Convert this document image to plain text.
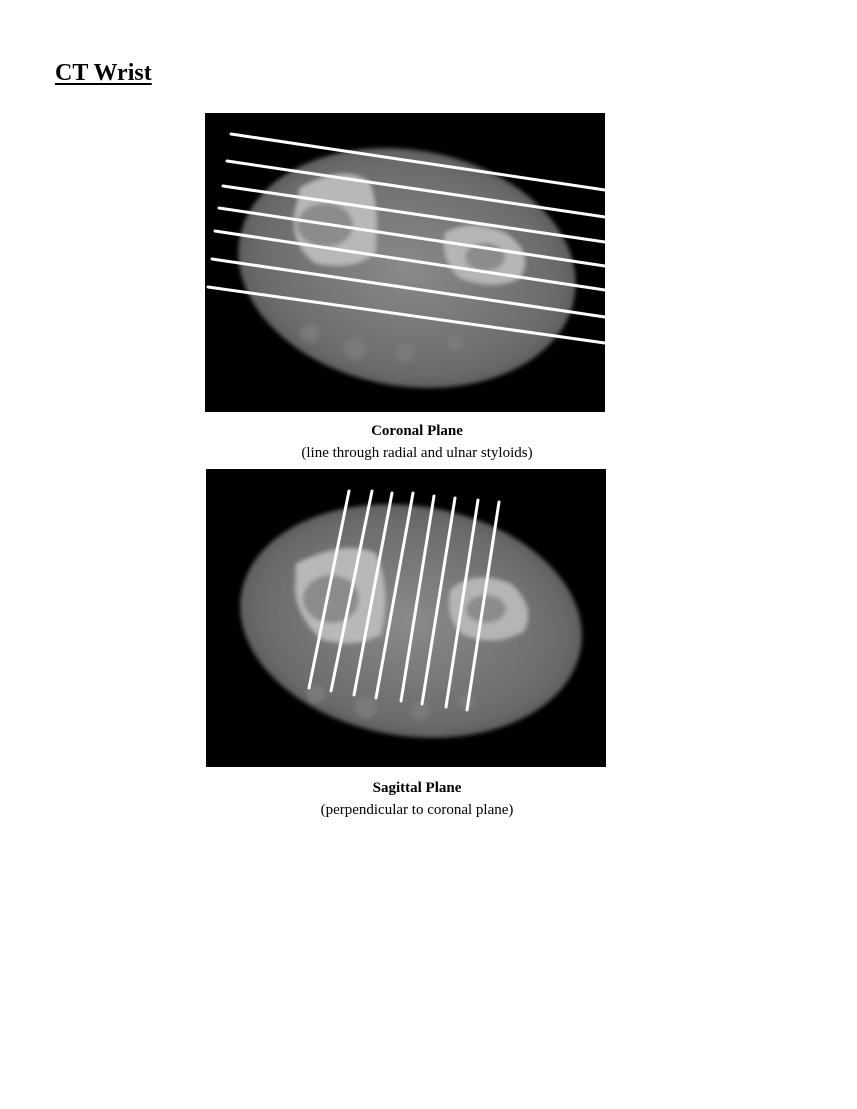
CT Wrist
Coronal Plane
(line through radial and ulnar styloids)
Sagittal Plane
(perpendicular to coronal plane)
